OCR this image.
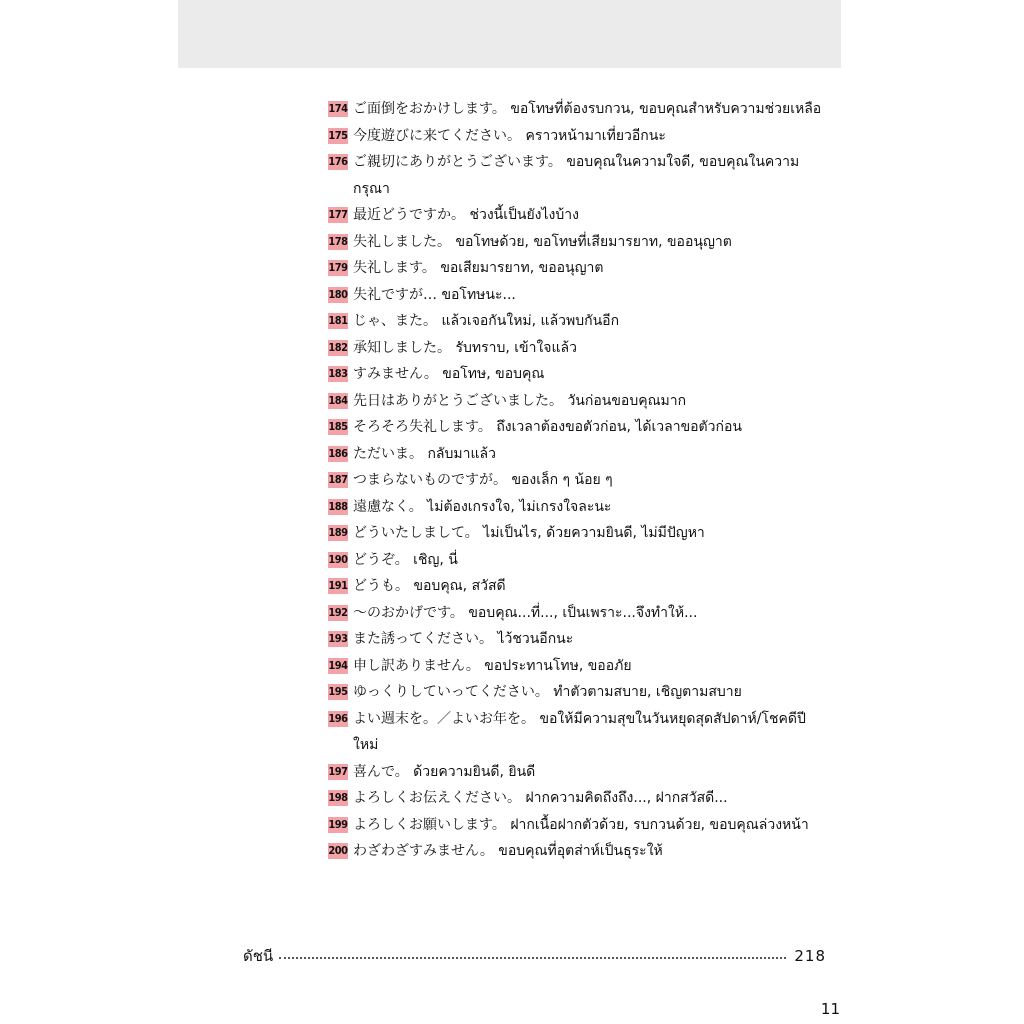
174 ご面倒をおかけします。 ขอโทษที่ต้องรบกวน, ขอบคุณสำหรับความช่วยเหลือ
175 今度遊びに来てください。 คราวหน้ามาเที่ยวอีกนะ
176 ご親切にありがとうございます。 ขอบคุณในความใจดี, ขอบคุณในความกรุณา
177 最近どうですか。 ช่วงนี้เป็นยังไงบ้าง
178 失礼しました。 ขอโทษด้วย, ขอโทษที่เสียมารยาท, ขออนุญาต
179 失礼します。 ขอเสียมารยาท, ขออนุญาต
180 失礼ですが… ขอโทษนะ...
181 じゃ、また。 แล้วเจอกันใหม่, แล้วพบกันอีก
182 承知しました。 รับทราบ, เข้าใจแล้ว
183 すみません。 ขอโทษ, ขอบคุณ
184 先日はありがとうございました。 วันก่อนขอบคุณมาก
185 そろそろ失礼します。 ถึงเวลาต้องขอตัวก่อน, ได้เวลาขอตัวก่อน
186 ただいま。 กลับมาแล้ว
187 つまらないものですが。 ของเล็ก ๆ น้อย ๆ
188 遠慮なく。 ไม่ต้องเกรงใจ, ไม่เกรงใจละนะ
189 どういたしまして。 ไม่เป็นไร, ด้วยความยินดี, ไม่มีปัญหา
190 どうぞ。 เชิญ, นี่
191 どうも。 ขอบคุณ, สวัสดี
192 ～のおかげです。 ขอบคุณ...ที่..., เป็นเพราะ...จึงทำให้...
193 また誘ってください。 ไว้ชวนอีกนะ
194 申し訳ありません。 ขอประทานโทษ, ขออภัย
195 ゆっくりしていってください。 ทำตัวตามสบาย, เชิญตามสบาย
196 よい週末を。／よいお年を。 ขอให้มีความสุขในวันหยุดสุดสัปดาห์/โชคดีปีใหม่
197 喜んで。 ด้วยความยินดี, ยินดี
198 よろしくお伝えください。 ฝากความคิดถึงถึง..., ฝากสวัสดี...
199 よろしくお願いします。 ฝากเนื้อฝากตัวด้วย, รบกวนด้วย, ขอบคุณล่วงหน้า
200 わざわざすみません。 ขอบคุณที่อุตส่าห์เป็นธุระให้
ดัชนี	218
11
